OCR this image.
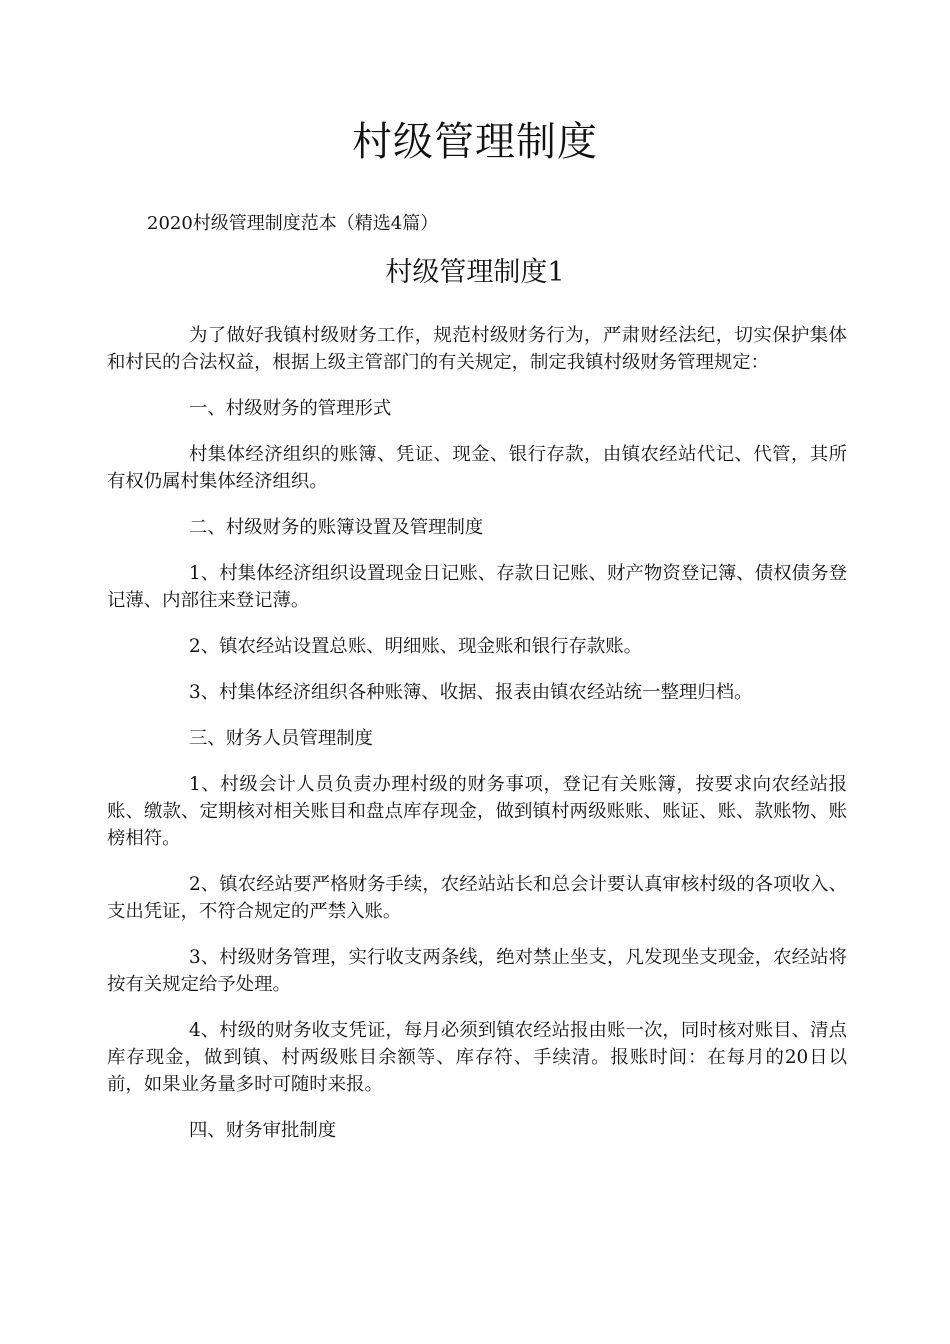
村级管理制度
2020村级管理制度范本（精选4篇）
村级管理制度1

为了做好我镇村级财务工作，规范村级财务行为，严肃财经法纪，切实保护集体和村民的合法权益，根据上级主管部门的有关规定，制定我镇村级财务管理规定：

一、村级财务的管理形式

村集体经济组织的账簿、凭证、现金、银行存款，由镇农经站代记、代管，其所有权仍属村集体经济组织。

二、村级财务的账簿设置及管理制度

1、村集体经济组织设置现金日记账、存款日记账、财产物资登记簿、债权债务登记薄、内部往来登记薄。

2、镇农经站设置总账、明细账、现金账和银行存款账。

3、村集体经济组织各种账簿、收据、报表由镇农经站统一整理归档。

三、财务人员管理制度

1、村级会计人员负责办理村级的财务事项，登记有关账簿，按要求向农经站报账、缴款、定期核对相关账目和盘点库存现金，做到镇村两级账账、账证、账、款账物、账榜相符。

2、镇农经站要严格财务手续，农经站站长和总会计要认真审核村级的各项收入、支出凭证，不符合规定的严禁入账。

3、村级财务管理，实行收支两条线，绝对禁止坐支，凡发现坐支现金，农经站将按有关规定给予处理。

4、村级的财务收支凭证，每月必须到镇农经站报由账一次，同时核对账目、清点库存现金，做到镇、村两级账目余额等、库存符、手续清。报账时间：在每月的20日以前，如果业务量多时可随时来报。

四、财务审批制度
